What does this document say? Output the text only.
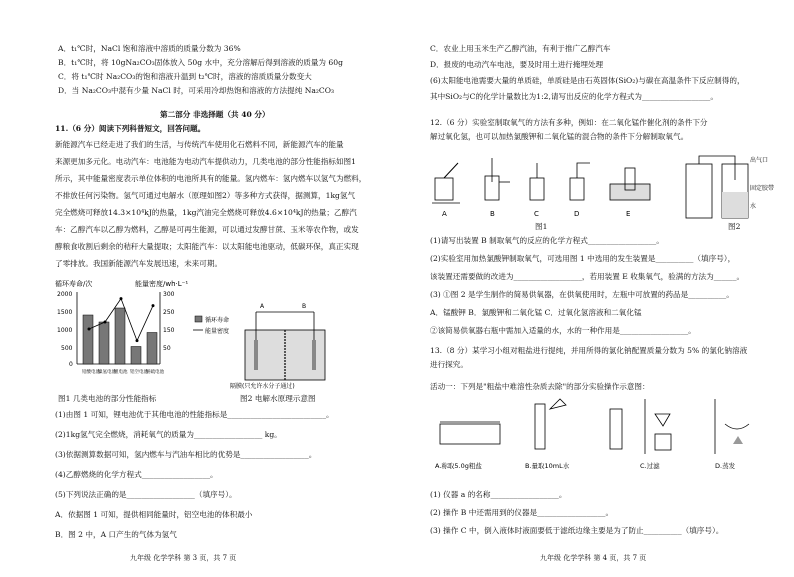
A．t₁℃时，NaCl 饱和溶液中溶质的质量分数为 36%
B．t₁℃时，将 10gNa₂CO₃固体放入 50g 水中，充分溶解后得到溶液的质量为 60g
C．将 t₁℃时 Na₂CO₃的饱和溶液升温到 t₂℃时，溶液的溶质质量分数变大
D．当 Na₂CO₃中混有少量 NaCl 时，可采用冷却热饱和溶液的方法提纯 Na₂CO₃
第二部分 非选择题（共 40 分）
11.（6 分）阅读下列科普短文，回答问题。
新能源汽车已经走进了我们的生活，与传统汽车使用化石燃料不同，新能源汽车的能量
来源更加多元化。电动汽车：电池能为电动汽车提供动力，几类电池的部分性能指标如图1
所示，其中能量密度表示单位体积的电池所具有的能量。氢内燃车：氢内燃车以氢气为燃料，
不排放任何污染物。氢气可通过电解水（原理如图2）等多种方式获得，据测算，1kg氢气
完全燃烧可释放14.3×10⁴kJ的热量，1kg汽油完全燃烧可释放4.6×10⁴kJ的热量；乙醇汽
车：乙醇汽车以乙醇为燃料，乙醇是可再生能源，可以通过发酵甘蔗、玉米等农作物，或发
酵粮食收割后剩余的秸秆大量提取；太阳能汽车：以太阳能电池驱动，低碳环保，真正实现
了零排放。我国新能源汽车发展迅速，未来可期。
循环寿命/次	能量密度/wh·L⁻¹
2000
1500
1000
500
0
300
250
150
50
铅酸电池
镍氢电池
锂电池 铝空电池
钠硫电池
循环寿命
能量密度
A	B
隔膜(只允许水分子通过)
图1 几类电池的部分性能指标	图2 电解水原理示意图
(1)由图 1 可知，锂电池优于其他电池的性能指标是__________________________。
(2)1kg氢气完全燃烧，消耗氧气的质量为__________________ kg。
(3)依据测算数据可知，氢内燃车与汽油车相比的优势是__________________。
(4)乙醇燃烧的化学方程式__________________。
(5)下列说法正确的是__________________（填序号）。
A．依据图 1 可知，提供相同能量时，铝空电池的体积最小
B．图 2 中，A 口产生的气体为氢气
九年级 化学学科 第 3 页，共 7 页
C．农业上用玉米生产乙醇汽油，有利于推广乙醇汽车
D．报废的电动汽车电池，要及时用土进行掩埋处理
(6)太阳能电池需要大量的单质硅，单质硅是由石英固体(SiO₂)与碳在高温条件下反应制得的，
其中SiO₂与C的化学计量数比为1:2,请写出反应的化学方程式为__________________。
12.（6 分）实验室制取氧气的方法有多种，例如：在二氧化锰作催化剂的条件下分
解过氧化氢，也可以加热氯酸钾和二氧化锰的混合物的条件下分解制取氧气。
A	B	C	D	E
图1
出气口
固定胶带
水
图2
(1)请写出装置 B 制取氧气的反应的化学方程式__________________。
(2)实验室用加热氯酸钾制取氧气，可选用图 1 中选用的发生装置是__________（填序号），
该装置还需要做的改进为__________________，若用装置 E 收集氧气，验满的方法为______。
(3) ①图 2 是学生制作的简易供氧器，在供氧使用时，左瓶中可放置的药品是__________。
A．锰酸钾 B．氯酸钾和二氧化锰 C．过氧化氢溶液和二氧化锰
②该简易供氧器右瓶中需加入适量的水，水的一种作用是__________________。
13.（8 分）某学习小组对粗盐进行提纯，并用所得的氯化钠配置质量分数为 5% 的氯化钠溶液
进行探究。
活动一：下列是"粗盐中难溶性杂质去除"的部分实验操作示意图：
A.称取5.0g粗盐	B.量取10mL水	C.过滤	D.蒸发
(1) 仪器 a 的名称__________________。
(2) 操作 B 中还需用到的仪器是__________________。
(3) 操作 C 中，倒入液体时液面要低于滤纸边缘主要是为了防止__________（填序号）。
九年级 化学学科 第 4 页，共 7 页
